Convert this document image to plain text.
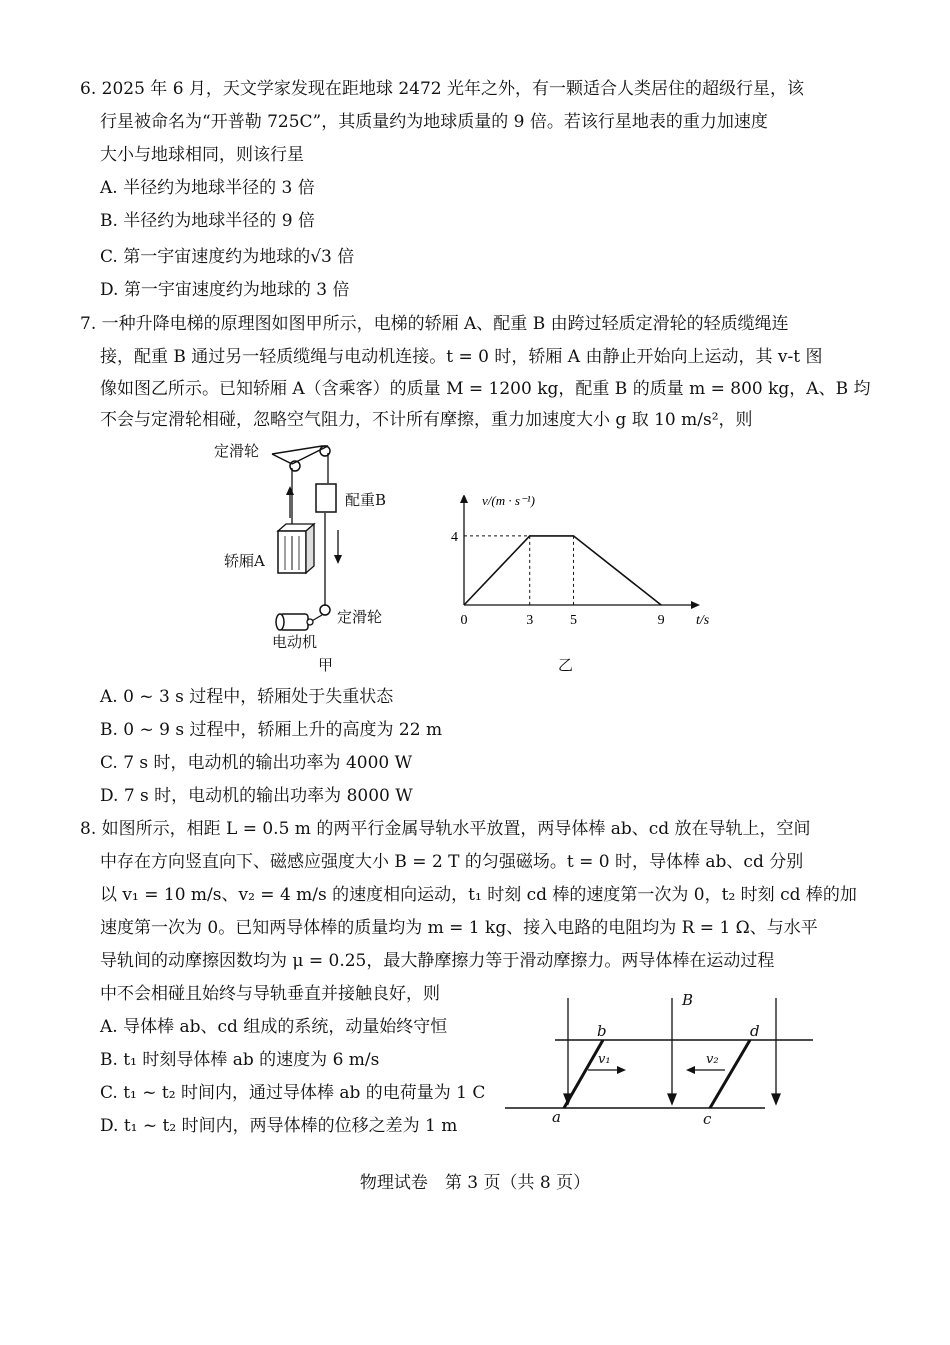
6. 2025 年 6 月，天文学家发现在距地球 2472 光年之外，有一颗适合人类居住的超级行星，该
行星被命名为“开普勒 725C”，其质量约为地球质量的 9 倍。若该行星地表的重力加速度
大小与地球相同，则该行星
A. 半径约为地球半径的 3 倍
B. 半径约为地球半径的 9 倍
C. 第一宇宙速度约为地球的√3 倍
D. 第一宇宙速度约为地球的 3 倍
7. 一种升降电梯的原理图如图甲所示，电梯的轿厢 A、配重 B 由跨过轻质定滑轮的轻质缆绳连
接，配重 B 通过另一轻质缆绳与电动机连接。t = 0 时，轿厢 A 由静止开始向上运动，其 v-t 图
像如图乙所示。已知轿厢 A（含乘客）的质量 M = 1200 kg，配重 B 的质量 m = 800 kg，A、B 均
不会与定滑轮相碰，忽略空气阻力，不计所有摩擦，重力加速度大小 g 取 10 m/s²，则
定滑轮
配重B
轿厢A
定滑轮
电动机
甲
0	3	5	9
4
v/(m · s⁻¹)
t/s
乙
A. 0 ~ 3 s 过程中，轿厢处于失重状态
B. 0 ~ 9 s 过程中，轿厢上升的高度为 22 m
C. 7 s 时，电动机的输出功率为 4000 W
D. 7 s 时，电动机的输出功率为 8000 W
8. 如图所示，相距 L = 0.5 m 的两平行金属导轨水平放置，两导体棒 ab、cd 放在导轨上，空间
中存在方向竖直向下、磁感应强度大小 B = 2 T 的匀强磁场。t = 0 时，导体棒 ab、cd 分别
以 v₁ = 10 m/s、v₂ = 4 m/s 的速度相向运动，t₁ 时刻 cd 棒的速度第一次为 0，t₂ 时刻 cd 棒的加
速度第一次为 0。已知两导体棒的质量均为 m = 1 kg、接入电路的电阻均为 R = 1 Ω、与水平
导轨间的动摩擦因数均为 μ = 0.25，最大静摩擦力等于滑动摩擦力。两导体棒在运动过程
中不会相碰且始终与导轨垂直并接触良好，则
A. 导体棒 ab、cd 组成的系统，动量始终守恒
B. t₁ 时刻导体棒 ab 的速度为 6 m/s
C. t₁ ~ t₂ 时间内，通过导体棒 ab 的电荷量为 1 C
D. t₁ ~ t₂ 时间内，两导体棒的位移之差为 1 m
B
b	d
a	c
v₁	v₂
物理试卷　第 3 页（共 8 页）
